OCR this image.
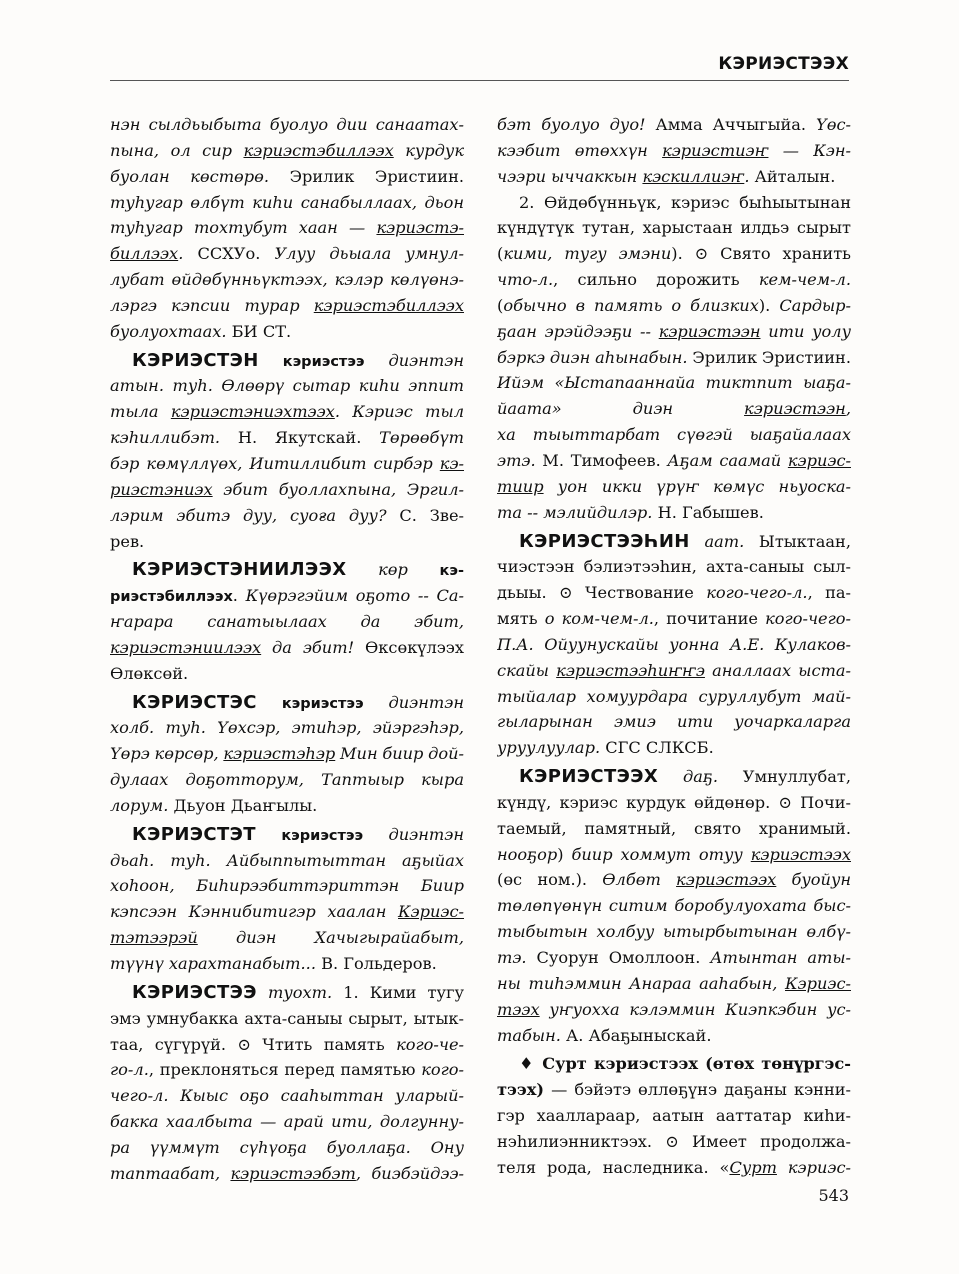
КЭРИЭСТЭЭХ
нэн сылдьыбыта буолуо дии санаатах-
пына, ол сир кэриэстэбиллээх курдук
буолан көстөрө. Эрилик Эристиин.
туһугар өлбүт киһи санабыллаах, дьон
туһугар тохтубут хаан — кэриэстэ-
биллээх. ССХУо. Улуу дьыала умнул-
лубат өйдөбүнньүктээх, кэлэр көлүөнэ-
лэргэ кэпсии турар кэриэстэбиллээх
буолуохтаах. БИ СТ.
КЭРИЭСТЭН кэриэстээ диэнтэн
атын. туһ. Өлөөрү сытар киһи эппит
тыла кэриэстэниэхтээх. Кэриэс тыл
кэһиллибэт. Н. Якутскай. Төрөөбүт
бэр көмүллүөх, Иитиллибит сирбэр кэ-
риэстэниэх эбит буоллахпына, Эргил-
лэрим эбитэ дуу, суоға дуу? С. Зве-
рев.
КЭРИЭСТЭНИИЛЭЭХ көр кэ-
риэстэбиллээх. Күөрэгэйим оҕото -- Са-
ҥарара санатыылаах да эбит,
кэриэстэниилээх да эбит! Өксөкүлээх
Өлөксөй.
КЭРИЭСТЭС кэриэстээ диэнтэн
холб. туһ. Үөхсэр, этиһэр, эйэргэһэр,
Үөрэ көрсөр, кэриэстэһэр Мин биир дой-
дулаах доҕотторум, Таптыыр кыра
лорум. Дьуон Дьаҥылы.
КЭРИЭСТЭТ кэриэстээ диэнтэн
дьаһ. туһ. Айбыппытыттан аҕыйах
хоһоон, Биһирээбиттэриттэн Биир
кэпсээн Кэннибитигэр хаалан Кэриэс-
тэтээрэй диэн Хачыгырайабыт,
түүнү харахтанабыт... В. Гольдеров.
КЭРИЭСТЭЭ туохт. 1. Кими тугу
эмэ умнубакка ахта-саныы сырыт, ытык-
таа, сүгүрүй. ⊙ Чтить память кого-че-
го-л., преклоняться перед памятью кого-
чего-л. Кыыс оҕо сааһыттан уларый-
бакка хаалбыта — арай ити, долгунну-
ра үүммүт сүһүоҕа буоллаҕа. Ону
таптаабат, кэриэстээбэт, биэбэйдээ-
бэт буолуо дуо! Амма Аччыгыйа. Үөс-
кээбит өтөххүн кэриэстиэҥ — Кэн-
чээри ыччаккын кэскиллиэҥ. Айталын.
2. Өйдөбүнньүк, кэриэс быһыытынан
күндүтүк тутан, харыстаан илдьэ сырыт
(кими, тугу эмэни). ⊙ Свято хранить
что-л., сильно дорожить кем-чем-л.
(обычно в память о близких). Сардыр-
ҕаан эрэйдээҕи -- кэриэстээн ити уолу
бэркэ диэн аһынабын. Эрилик Эристиин.
Ийэм «Ыстапааннайа тиктпит ыаҕа-
йаата» диэн кэриэстээн,
ха тыыттарбат сүөгэй ыаҕайалаах
этэ. М. Тимофеев. Аҕам саамай кэриэс-
тиир уон икки үрүҥ көмүс ньуоска-
та -- мэлийдилэр. Н. Габышев.
КЭРИЭСТЭЭҺИН аат. Ытыктаан,
чиэстээн бэлиэтээһин, ахта-саныы сыл-
дьыы. ⊙ Чествование кого-чего-л., па-
мять о ком-чем-л., почитание кого-чего-
П.А. Ойуунускайы уонна А.Е. Кулаков-
скайы кэриэстээһиҥҥэ аналлаах ыста-
тыйалар хомуурдара суруллубут май-
гыларынан эмиэ ити уочаркаларга
уруулуулар. СГС СЛКСБ.
КЭРИЭСТЭЭХ даҕ. Умнуллубат,
күндү, кэриэс курдук өйдөнөр. ⊙ Почи-
таемый, памятный, свято хранимый.
нооҕор) биир хоммут отуу кэриэстээх
(өс ном.). Өлбөт кэриэстээх буойун
төлөпүөнүн ситим боробулуохата быс-
тыбытын холбуу ытырбытынан өлбү-
тэ. Суорун Омоллоон. Атынтан аты-
ны тиһэммин Анараа ааһабын, Кэриэс-
тээх уҥуохха кэлэммин Киэпкэбин ус-
табын. А. Абаҕыныскай.
♦ Сурт кэриэстээх (өтөх төнүргэс-
тээх) — бэйэтэ өллөҕүнэ даҕаны кэнни-
гэр хааллараар, аатын ааттатар киһи-
нэһилиэнниктээх. ⊙ Имеет продолжа-
теля рода, наследника. «Сурт кэриэс-
543
